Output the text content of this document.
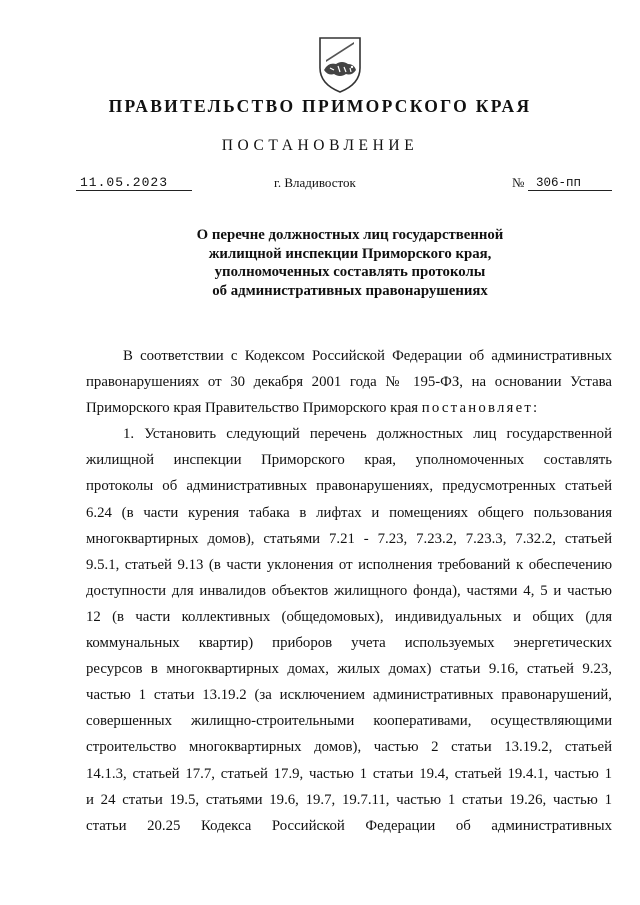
ПРАВИТЕЛЬСТВО ПРИМОРСКОГО КРАЯ
ПОСТАНОВЛЕНИЕ
11.05.2023	г. Владивосток	№ 306-пп
О перечне должностных лиц государственной
жилищной инспекции Приморского края,
уполномоченных составлять протоколы
об административных правонарушениях
В соответствии с Кодексом Российской Федерации об административных
правонарушениях от 30 декабря 2001 года № 195-ФЗ, на основании Устава
Приморского края Правительство Приморского края постановляет:
1. Установить следующий перечень должностных лиц государственной
жилищной инспекции Приморского края, уполномоченных составлять
протоколы об административных правонарушениях, предусмотренных статьей
6.24 (в части курения табака в лифтах и помещениях общего пользования
многоквартирных домов), статьями 7.21 - 7.23, 7.23.2, 7.23.3, 7.32.2, статьей
9.5.1, статьей 9.13 (в части уклонения от исполнения требований к обеспечению
доступности для инвалидов объектов жилищного фонда), частями 4, 5 и частью
12 (в части коллективных (общедомовых), индивидуальных и общих (для
коммунальных квартир) приборов учета используемых энергетических
ресурсов в многоквартирных домах, жилых домах) статьи 9.16, статьей 9.23,
частью 1 статьи 13.19.2 (за исключением административных правонарушений,
совершенных жилищно-строительными кооперативами, осуществляющими
строительство многоквартирных домов), частью 2 статьи 13.19.2, статьей
14.1.3, статьей 17.7, статьей 17.9, частью 1 статьи 19.4, статьей 19.4.1, частью 1
и 24 статьи 19.5, статьями 19.6, 19.7, 19.7.11, частью 1 статьи 19.26, частью 1
статьи 20.25 Кодекса Российской Федерации об административных
